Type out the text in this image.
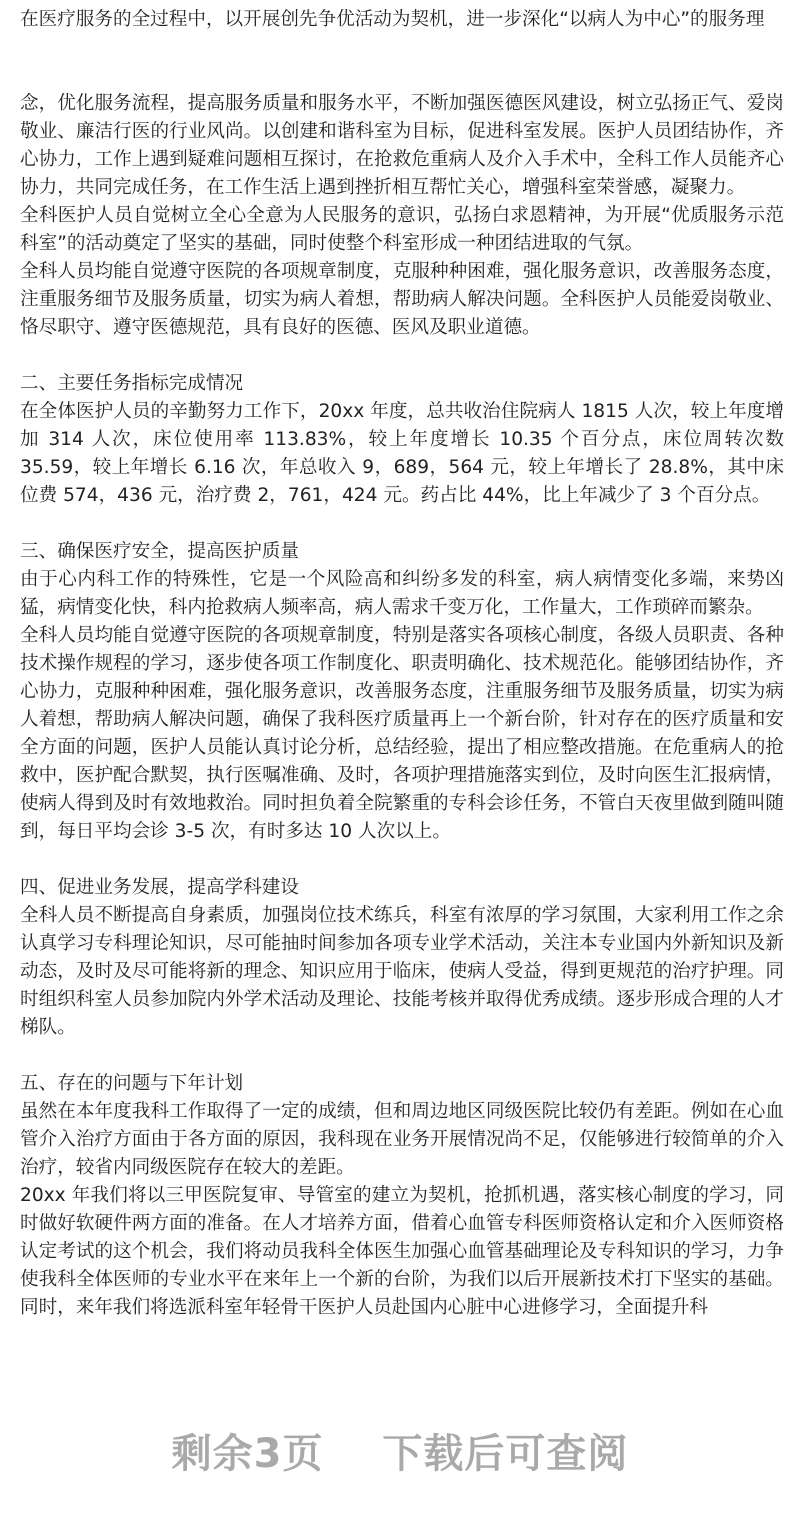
在医疗服务的全过程中，以开展创先争优活动为契机，进一步深化“以病人为中心”的服务理

念，优化服务流程，提高服务质量和服务水平，不断加强医德医风建设，树立弘扬正气、爱岗敬业、廉洁行医的行业风尚。以创建和谐科室为目标，促进科室发展。医护人员团结协作，齐心协力，工作上遇到疑难问题相互探讨，在抢救危重病人及介入手术中，全科工作人员能齐心协力，共同完成任务，在工作生活上遇到挫折相互帮忙关心，增强科室荣誉感，凝聚力。

全科医护人员自觉树立全心全意为人民服务的意识，弘扬白求恩精神，为开展“优质服务示范科室”的活动奠定了坚实的基础，同时使整个科室形成一种团结进取的气氛。

全科人员均能自觉遵守医院的各项规章制度，克服种种困难，强化服务意识，改善服务态度，注重服务细节及服务质量，切实为病人着想，帮助病人解决问题。全科医护人员能爱岗敬业、恪尽职守、遵守医德规范，具有良好的医德、医风及职业道德。

二、主要任务指标完成情况

在全体医护人员的辛勤努力工作下，20xx 年度，总共收治住院病人 1815 人次，较上年度增加 314 人次，床位使用率 113.83%，较上年度增长 10.35 个百分点，床位周转次数 35.59，较上年增长 6.16 次，年总收入 9，689，564 元，较上年增长了 28.8%，其中床位费 574，436 元，治疗费 2，761，424 元。药占比 44%，比上年减少了 3 个百分点。

三、确保医疗安全，提高医护质量

由于心内科工作的特殊性，它是一个风险高和纠纷多发的科室，病人病情变化多端，来势凶猛，病情变化快，科内抢救病人频率高，病人需求千变万化，工作量大，工作琐碎而繁杂。

全科人员均能自觉遵守医院的各项规章制度，特别是落实各项核心制度，各级人员职责、各种技术操作规程的学习，逐步使各项工作制度化、职责明确化、技术规范化。能够团结协作，齐心协力，克服种种困难，强化服务意识，改善服务态度，注重服务细节及服务质量，切实为病人着想，帮助病人解决问题，确保了我科医疗质量再上一个新台阶，针对存在的医疗质量和安全方面的问题，医护人员能认真讨论分析，总结经验，提出了相应整改措施。在危重病人的抢救中，医护配合默契，执行医嘱准确、及时，各项护理措施落实到位，及时向医生汇报病情，使病人得到及时有效地救治。同时担负着全院繁重的专科会诊任务，不管白天夜里做到随叫随到，每日平均会诊 3-5 次，有时多达 10 人次以上。

四、促进业务发展，提高学科建设

全科人员不断提高自身素质，加强岗位技术练兵，科室有浓厚的学习氛围，大家利用工作之余认真学习专科理论知识，尽可能抽时间参加各项专业学术活动，关注本专业国内外新知识及新动态，及时及尽可能将新的理念、知识应用于临床，使病人受益，得到更规范的治疗护理。同时组织科室人员参加院内外学术活动及理论、技能考核并取得优秀成绩。逐步形成合理的人才梯队。

五、存在的问题与下年计划

虽然在本年度我科工作取得了一定的成绩，但和周边地区同级医院比较仍有差距。例如在心血管介入治疗方面由于各方面的原因，我科现在业务开展情况尚不足，仅能够进行较简单的介入治疗，较省内同级医院存在较大的差距。

20xx 年我们将以三甲医院复审、导管室的建立为契机，抢抓机遇，落实核心制度的学习，同时做好软硬件两方面的准备。在人才培养方面，借着心血管专科医师资格认定和介入医师资格认定考试的这个机会，我们将动员我科全体医生加强心血管基础理论及专科知识的学习，力争使我科全体医师的专业水平在来年上一个新的台阶，为我们以后开展新技术打下坚实的基础。同时，来年我们将选派科室年轻骨干医护人员赴国内心脏中心进修学习，全面提升科

剩余3页 下载后可查阅
